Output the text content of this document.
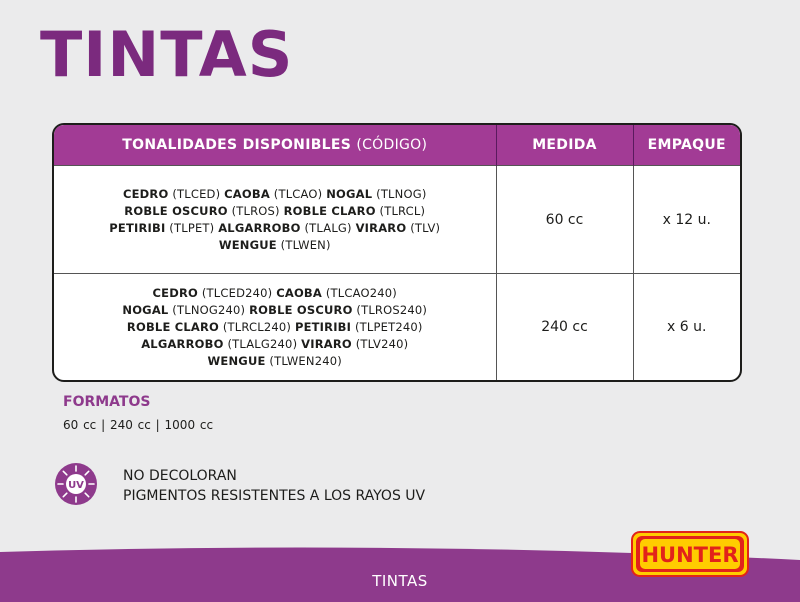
TINTAS
TONALIDADES DISPONIBLES (CÓDIGO)	MEDIDA	EMPAQUE

CEDRO (TLCED) CAOBA (TLCAO) NOGAL (TLNOG)
ROBLE OSCURO (TLROS) ROBLE CLARO (TLRCL)
PETIRIBI (TLPET) ALGARROBO (TLALG) VIRARO (TLV)
WENGUE (TLWEN)	60 cc	x 12 u.

CEDRO (TLCED240) CAOBA (TLCAO240)
NOGAL (TLNOG240) ROBLE OSCURO (TLROS240)
ROBLE CLARO (TLRCL240) PETIRIBI (TLPET240)
ALGARROBO (TLALG240) VIRARO (TLV240)
WENGUE (TLWEN240)	240 cc	x 6 u.
FORMATOS
60 cc | 240 cc | 1000 cc
UV
NO DECOLORAN
PIGMENTOS RESISTENTES A LOS RAYOS UV
TINTAS
HUNTER
